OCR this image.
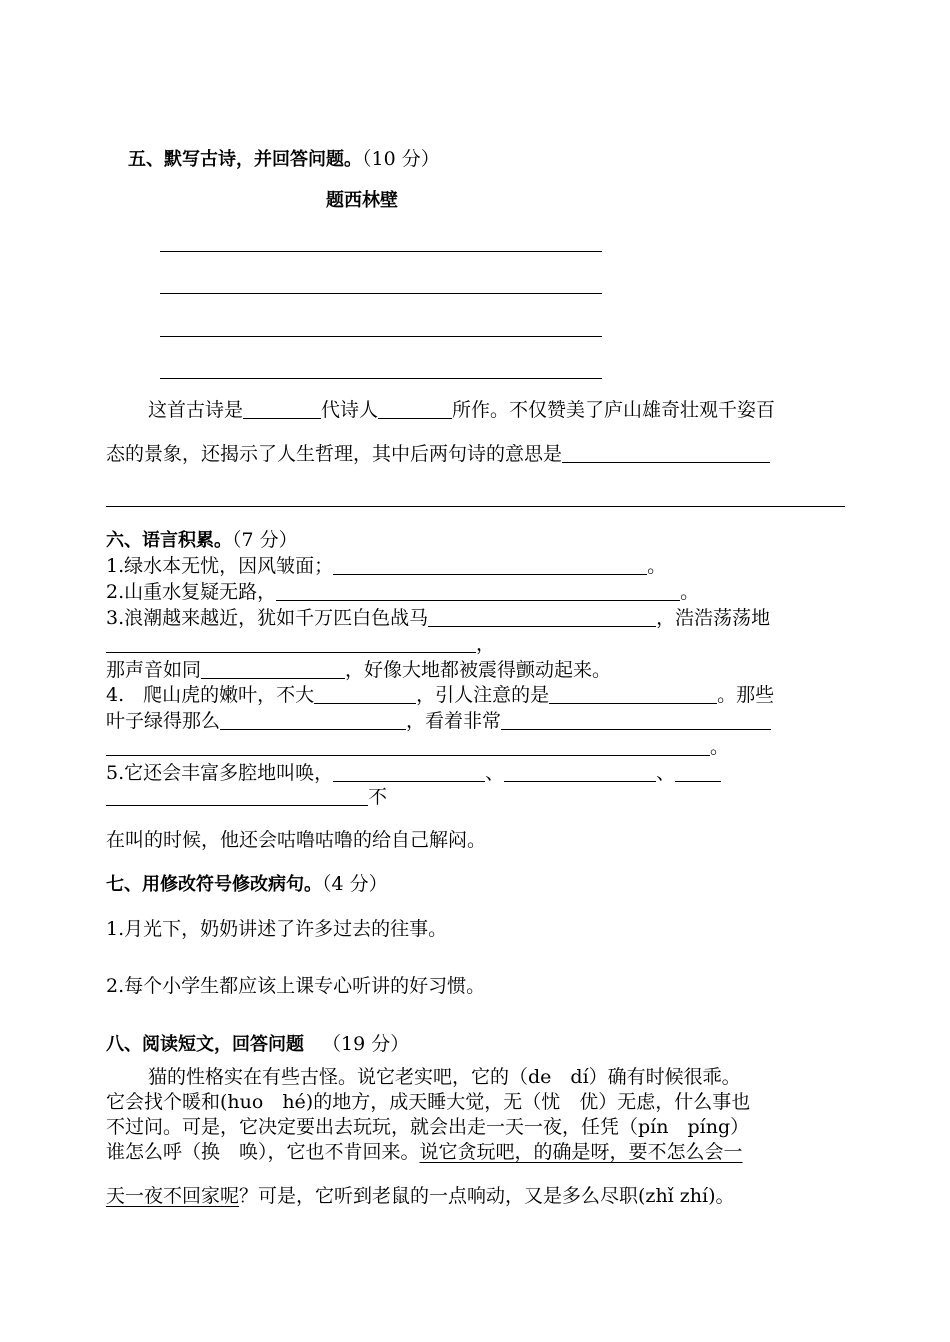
五、默写古诗，并回答问题。（10 分）
题西林壁
这首古诗是	代诗人	所作。不仅赞美了庐山雄奇壮观千姿百
态的景象，还揭示了人生哲理，其中后两句诗的意思是
六、语言积累。（7 分）
1.绿水本无忧，因风皱面；	。
2.山重水复疑无路，	。
3.浪潮越来越近，犹如千万匹白色战马	，浩浩荡荡地
，
那声音如同	，好像大地都被震得颤动起来。
4.　爬山虎的嫩叶，不大	，引人注意的是	。那些
叶子绿得那么	，看着非常
。
5.它还会丰富多腔地叫唤，	、	、
不
在叫的时候，他还会咕噜咕噜的给自己解闷。
七、用修改符号修改病句。（4 分）
1.月光下，奶奶讲述了许多过去的往事。
2.每个小学生都应该上课专心听讲的好习惯。
八、阅读短文，回答问题 （19 分）
猫的性格实在有些古怪。说它老实吧，它的（de　dí）确有时候很乖。
它会找个暖和(huo　hé)的地方，成天睡大觉，无（忧　优）无虑，什么事也
不过问。可是，它决定要出去玩玩，就会出走一天一夜，任凭（pín　píng）
谁怎么呼（换　唤），它也不肯回来。说它贪玩吧，的确是呀，要不怎么会一
天一夜不回家呢？可是，它听到老鼠的一点响动，又是多么尽职(zhǐ zhí)。
